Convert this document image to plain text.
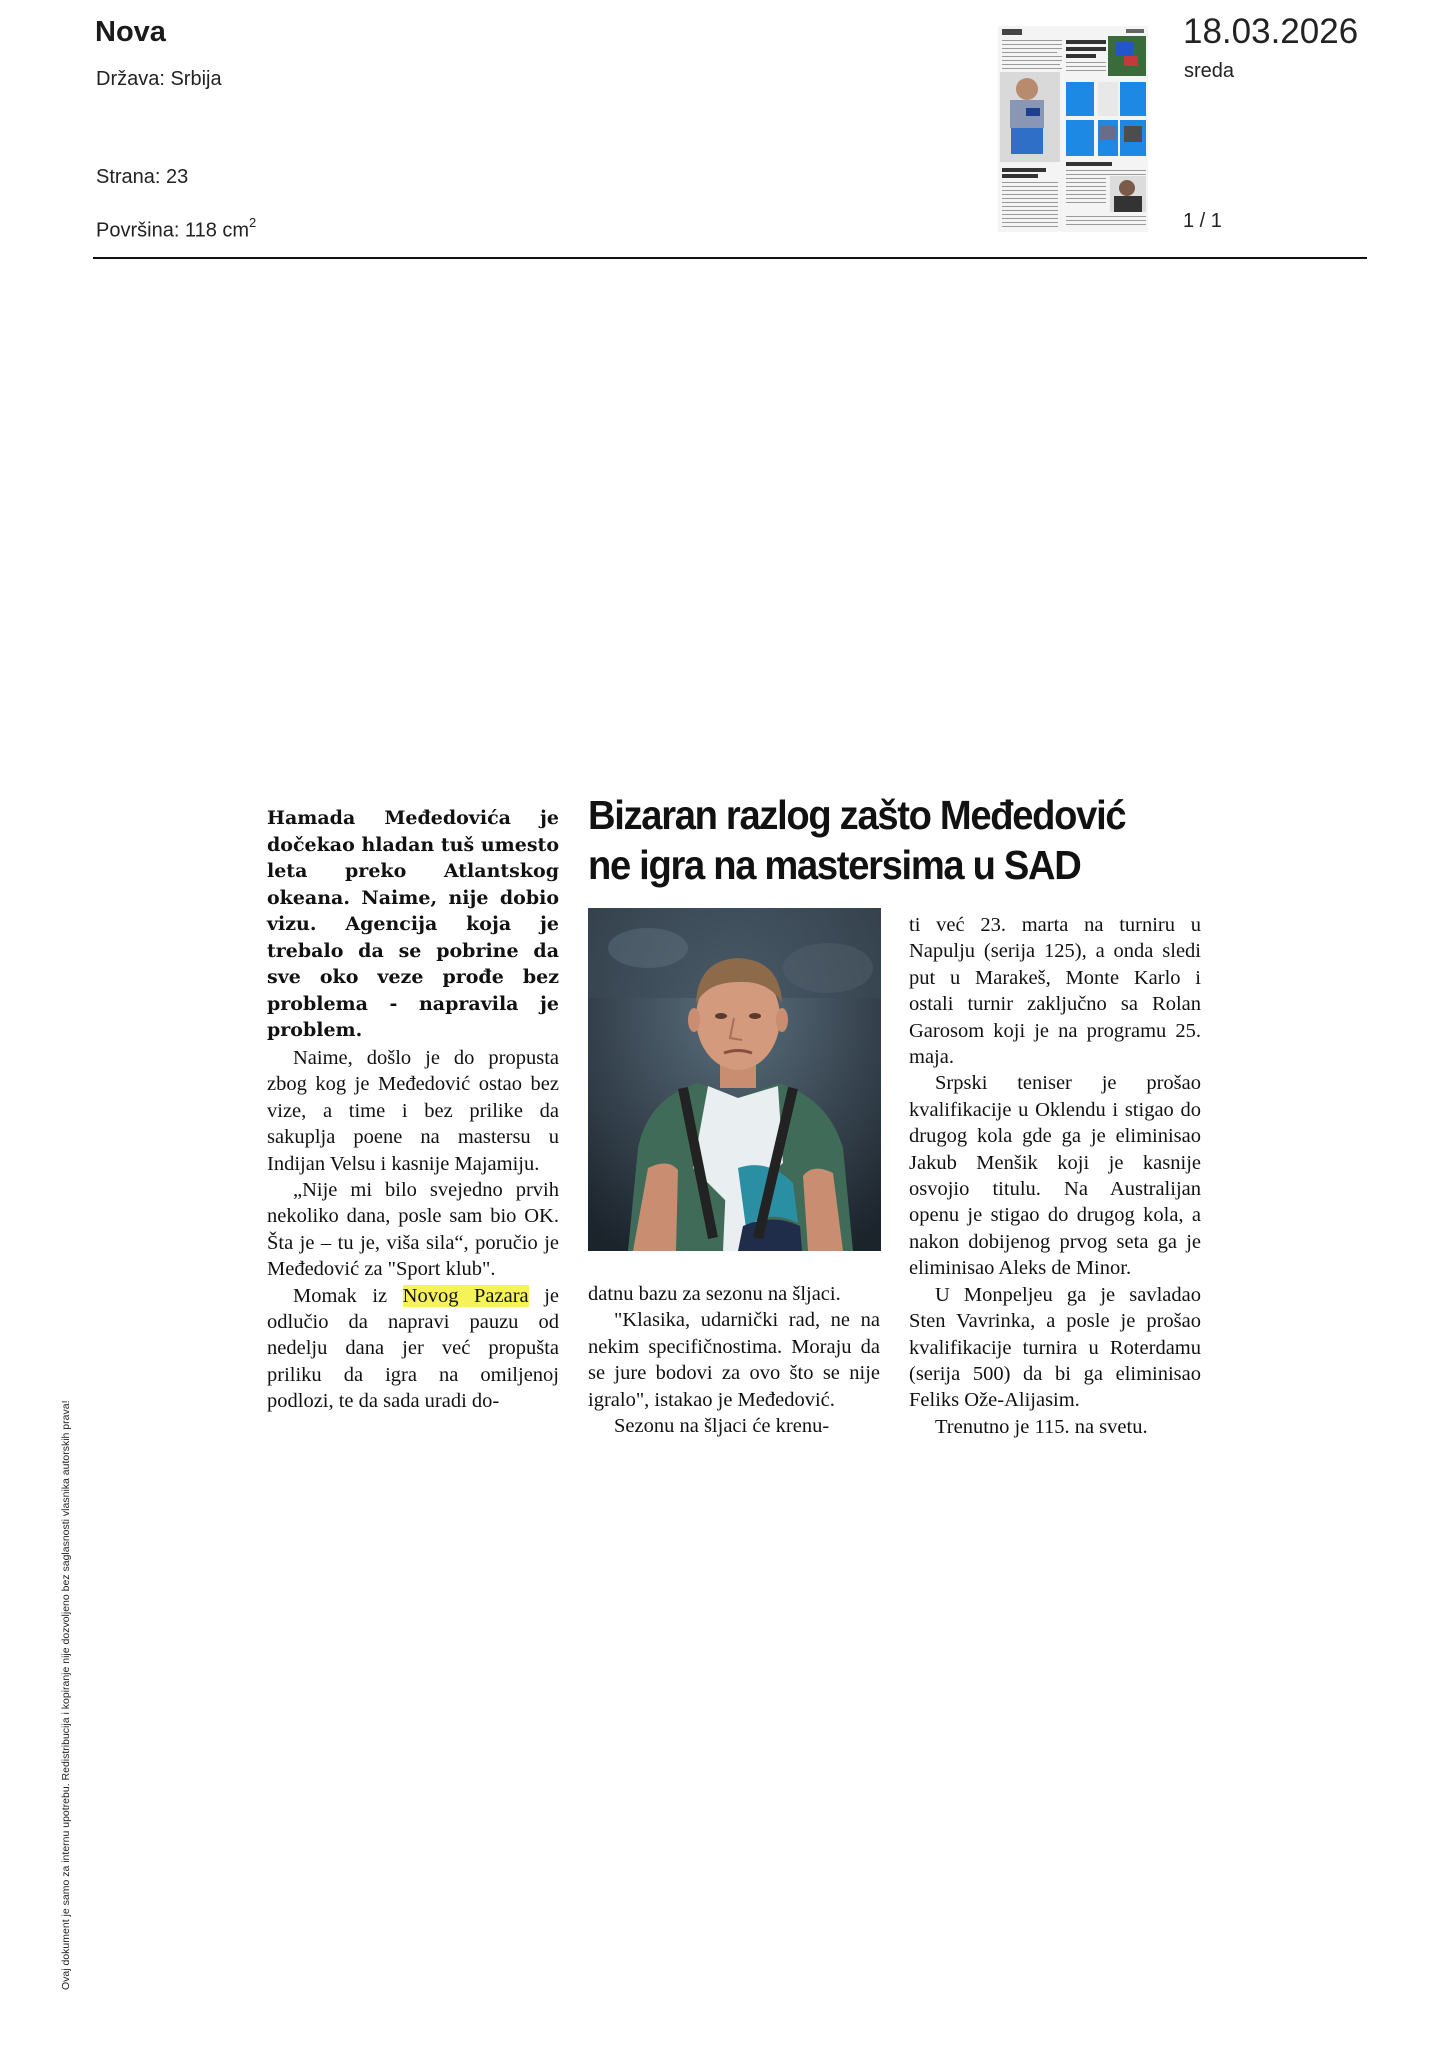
Nova
Država: Srbija
Strana: 23
Površina: 118 $cm^2$
18.03.2026
sreda
1 / 1
Hamada Međedovića je dočekao hladan tuš umesto leta preko Atlantskog okeana. Naime, nije dobio vizu. Agencija koja je trebalo da se pobrine da sve oko veze prođe bez problema - napravila je problem.
Bizaran razlog zašto Međedović
ne igra na mastersima u SAD

Naime, došlo je do propusta zbog kog je Međedović ostao bez vize, a time i bez prilike da sakuplja poene na mastersu u Indijan Velsu i kasnije Majamiju.

„Nije mi bilo svejedno prvih nekoliko dana, posle sam bio OK. Šta je – tu je, viša sila“, poručio je Međedović za "Sport klub".

Momak iz Novog Pazara je odlučio da napravi pauzu od nedelju dana jer već propušta priliku da igra na omiljenoj podlozi, te da sada uradi do-

datnu bazu za sezonu na šljaci.

"Klasika, udarnički rad, ne na nekim specifičnostima. Moraju da se jure bodovi za ovo što se nije igralo", istakao je Međedović.

Sezonu na šljaci će krenu-

ti već 23. marta na turniru u Napulju (serija 125), a onda sledi put u Marakeš, Monte Karlo i ostali turnir zaključno sa Rolan Garosom koji je na programu 25. maja.

Srpski teniser je prošao kvalifikacije u Oklendu i stigao do drugog kola gde ga je eliminisao Jakub Menšik koji je kasnije osvojio titulu. Na Australijan openu je stigao do drugog kola, a nakon dobijenog prvog seta ga je eliminisao Aleks de Minor.

U Monpeljeu ga je savladao Sten Vavrinka, a posle je prošao kvalifikacije turnira u Roterdamu (serija 500) da bi ga eliminisao Feliks Ože-Alijasim.

Trenutno je 115. na svetu.

Ovaj dokument je samo za internu upotrebu. Redistribucija i kopiranje nije dozvoljeno bez saglasnosti vlasnika autorskih prava!
